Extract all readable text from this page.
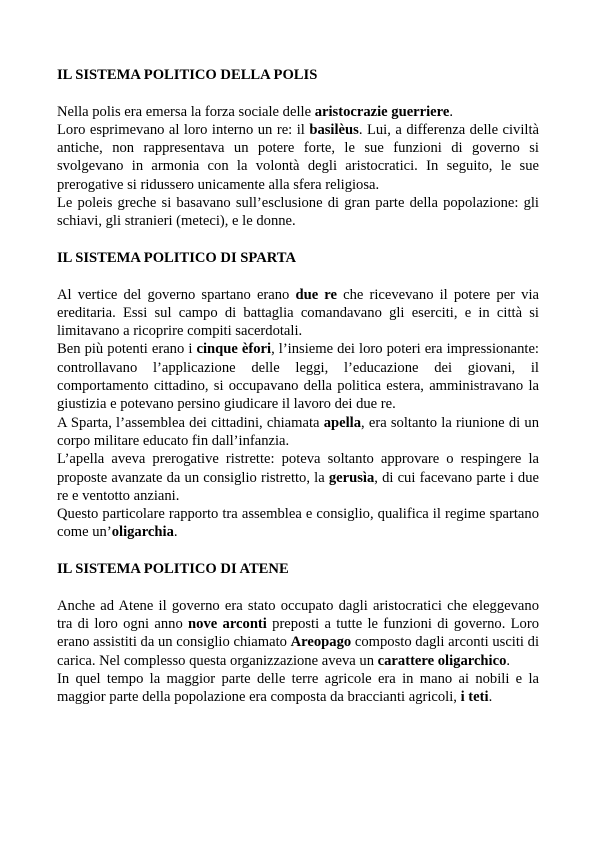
IL SISTEMA POLITICO DELLA POLIS
Nella polis era emersa la forza sociale delle aristocrazie guerriere.
Loro esprimevano al loro interno un re: il basilèus. Lui, a differenza delle civiltà antiche, non rappresentava un potere forte, le sue funzioni di governo si svolgevano in armonia con la volontà degli aristocratici. In seguito, le sue prerogative si ridussero unicamente alla sfera religiosa.
Le poleis greche si basavano sull’esclusione di gran parte della popolazione: gli schiavi, gli stranieri (meteci), e le donne.
IL SISTEMA POLITICO DI SPARTA
Al vertice del governo spartano erano due re che ricevevano il potere per via ereditaria. Essi sul campo di battaglia comandavano gli eserciti, e in città si limitavano a ricoprire compiti sacerdotali.
Ben più potenti erano i cinque èfori, l’insieme dei loro poteri era impressionante: controllavano l’applicazione delle leggi, l’educazione dei giovani, il comportamento cittadino, si occupavano della politica estera, amministravano la giustizia e potevano persino giudicare il lavoro dei due re.
A Sparta, l’assemblea dei cittadini, chiamata apella, era soltanto la riunione di un corpo militare educato fin dall’infanzia.
L’apella aveva prerogative ristrette: poteva soltanto approvare o respingere la proposte avanzate da un consiglio ristretto, la gerusìa, di cui facevano parte i due re e ventotto anziani.
Questo particolare rapporto tra assemblea e consiglio, qualifica il regime spartano come un’oligarchia.
IL SISTEMA POLITICO DI ATENE
Anche ad Atene il governo era stato occupato dagli aristocratici che eleggevano tra di loro ogni anno nove arconti preposti a tutte le funzioni di governo. Loro erano assistiti da un consiglio chiamato Areopago composto dagli arconti usciti di carica. Nel complesso questa organizzazione aveva un carattere oligarchico.
In quel tempo la maggior parte delle terre agricole era in mano ai nobili e la maggior parte della popolazione era composta da braccianti agricoli, i teti.
